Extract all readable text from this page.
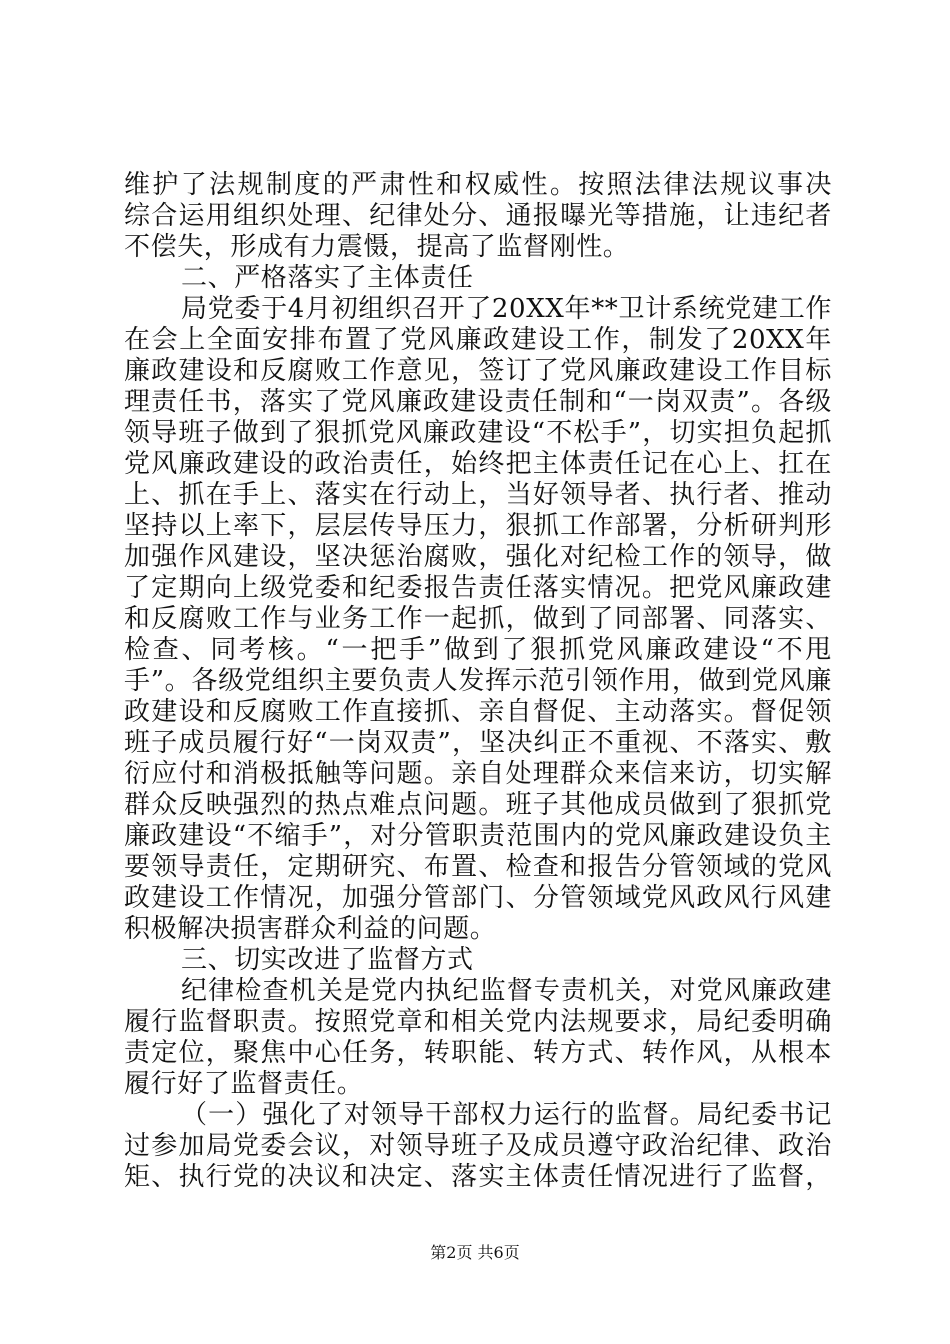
维护了法规制度的严肃性和权威性。按照法律法规议事决
综合运用组织处理、纪律处分、通报曝光等措施，让违纪者
不偿失，形成有力震慑，提高了监督刚性。
二、严格落实了主体责任
局党委于4月初组织召开了20XX年**卫计系统党建工作
在会上全面安排布置了党风廉政建设工作，制发了20XX年
廉政建设和反腐败工作意见，签订了党风廉政建设工作目标
理责任书，落实了党风廉政建设责任制和“一岗双责”。各级
领导班子做到了狠抓党风廉政建设“不松手”，切实担负起抓
党风廉政建设的政治责任，始终把主体责任记在心上、扛在
上、抓在手上、落实在行动上，当好领导者、执行者、推动
坚持以上率下，层层传导压力，狠抓工作部署，分析研判形
加强作风建设，坚决惩治腐败，强化对纪检工作的领导，做
了定期向上级党委和纪委报告责任落实情况。把党风廉政建
和反腐败工作与业务工作一起抓，做到了同部署、同落实、
检查、同考核。“一把手”做到了狠抓党风廉政建设“不甩
手”。各级党组织主要负责人发挥示范引领作用，做到党风廉
政建设和反腐败工作直接抓、亲自督促、主动落实。督促领
班子成员履行好“一岗双责”，坚决纠正不重视、不落实、敷
衍应付和消极抵触等问题。亲自处理群众来信来访，切实解
群众反映强烈的热点难点问题。班子其他成员做到了狠抓党
廉政建设“不缩手”，对分管职责范围内的党风廉政建设负主
要领导责任，定期研究、布置、检查和报告分管领域的党风
政建设工作情况，加强分管部门、分管领域党风政风行风建
积极解决损害群众利益的问题。
三、切实改进了监督方式
纪律检查机关是党内执纪监督专责机关，对党风廉政建
履行监督职责。按照党章和相关党内法规要求，局纪委明确
责定位，聚焦中心任务，转职能、转方式、转作风，从根本
履行好了监督责任。
（一）强化了对领导干部权力运行的监督。局纪委书记
过参加局党委会议，对领导班子及成员遵守政治纪律、政治
矩、执行党的决议和决定、落实主体责任情况进行了监督，
第2页 共6页
